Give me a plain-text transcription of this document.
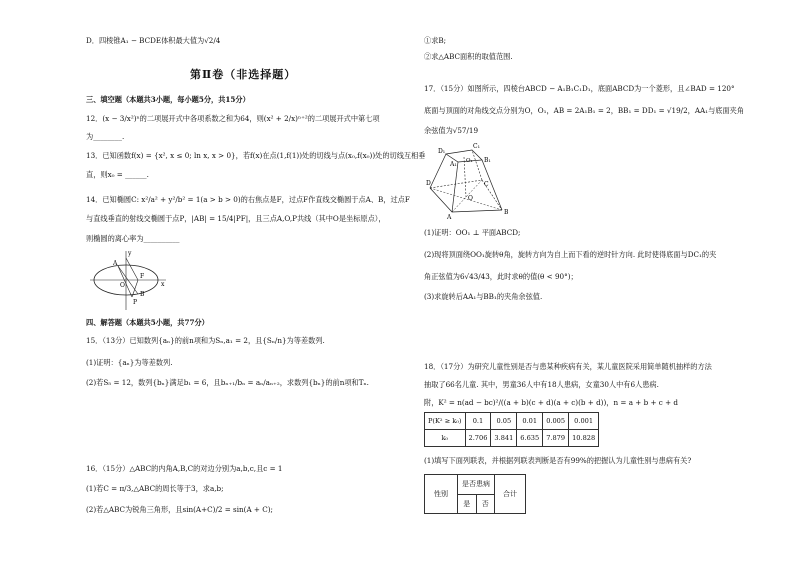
D．四棱锥A₁ − BCDE体积最大值为√2/4
第Ⅱ卷（非选择题）
三、填空题（本题共3小题，每小题5分，共15分）
12．(x − 3/x²)ⁿ的二项展开式中各项系数之和为64，则(x² + 2/x)ⁿ⁺²的二项展开式中第七项
为________.
13．已知函数f(x) = {x², x ≤ 0; ln x, x > 0}，若f(x)在点(1,f(1))处的切线与点(x₀,f(x₀))处的切线互相垂
直，则x₀ = ______.
14．已知椭圆C: x²/a² + y²/b² = 1(a > b > 0)的右焦点是F，过点F作直线交椭圆于点A、B，过点F
与直线垂直的射线交椭圆于点P，|AB| = 15/4|PF|，且三点A,O,P共线（其中O是坐标原点），
则椭圆的离心率为__________
y
A
F
O
P
x
B
四、解答题（本题共5小题，共77分）
15．（13分）已知数列{aₙ}的前n项和为Sₙ,a₁ = 2，且{Sₙ/n}为等差数列.
(1)证明：{aₙ}为等差数列.
(2)若S₅ = 12，数列{bₙ}满足b₁ = 6，且bₙ₊₁/bₙ = aₙ/aₙ₊₂，求数列{bₙ}的前n项和Tₙ.
16．（15分）△ABC的内角A,B,C的对边分别为a,b,c,且c = 1
(1)若C = π/3,△ABC的周长等于3，求a,b;
(2)若△ABC为锐角三角形，且sin(A+C)/2 = sin(A + C);
①求B;
②求△ABC面积的取值范围.
17．（15分）如图所示，四棱台ABCD − A₁B₁C₁D₁，底面ABCD为一个菱形，且∠BAD = 120°
底面与顶面的对角线交点分别为O，O₁，AB = 2A₁B₁ = 2，BB₁ = DD₁ = √19/2，AA₁与底面夹角
余弦值为√57/19
D₁
D
A₁
C₁
B₁
O₁
C
O
A
B
(1)证明：OO₁ ⊥ 平面ABCD;
(2)现将顶面绕OO₁旋转θ角，旋转方向为自上而下看的逆时针方向. 此时使得底面与DC₁的夹
角正弦值为6√43/43，此时求θ的值(θ < 90°)；
(3)求旋转后AA₁与BB₁的夹角余弦值.
18．（17分）为研究儿童性别是否与患某种疾病有关，某儿童医院采用简单随机抽样的方法
抽取了66名儿童. 其中，男童36人中有18人患病，女童30人中有6人患病.
附，K² = n(ad − bc)²/((a + b)(c + d)(a + c)(b + d))，n = a + b + c + d
P(K² ≥ k₀)	0.1	0.05	0.01	0.005	0.001
k₀	2.706	3.841	6.635	7.879	10.828
(1)填写下面列联表，并根据列联表判断是否有99%的把握认为儿童性别与患病有关?
性别	是否患病		合计
	是	否	
